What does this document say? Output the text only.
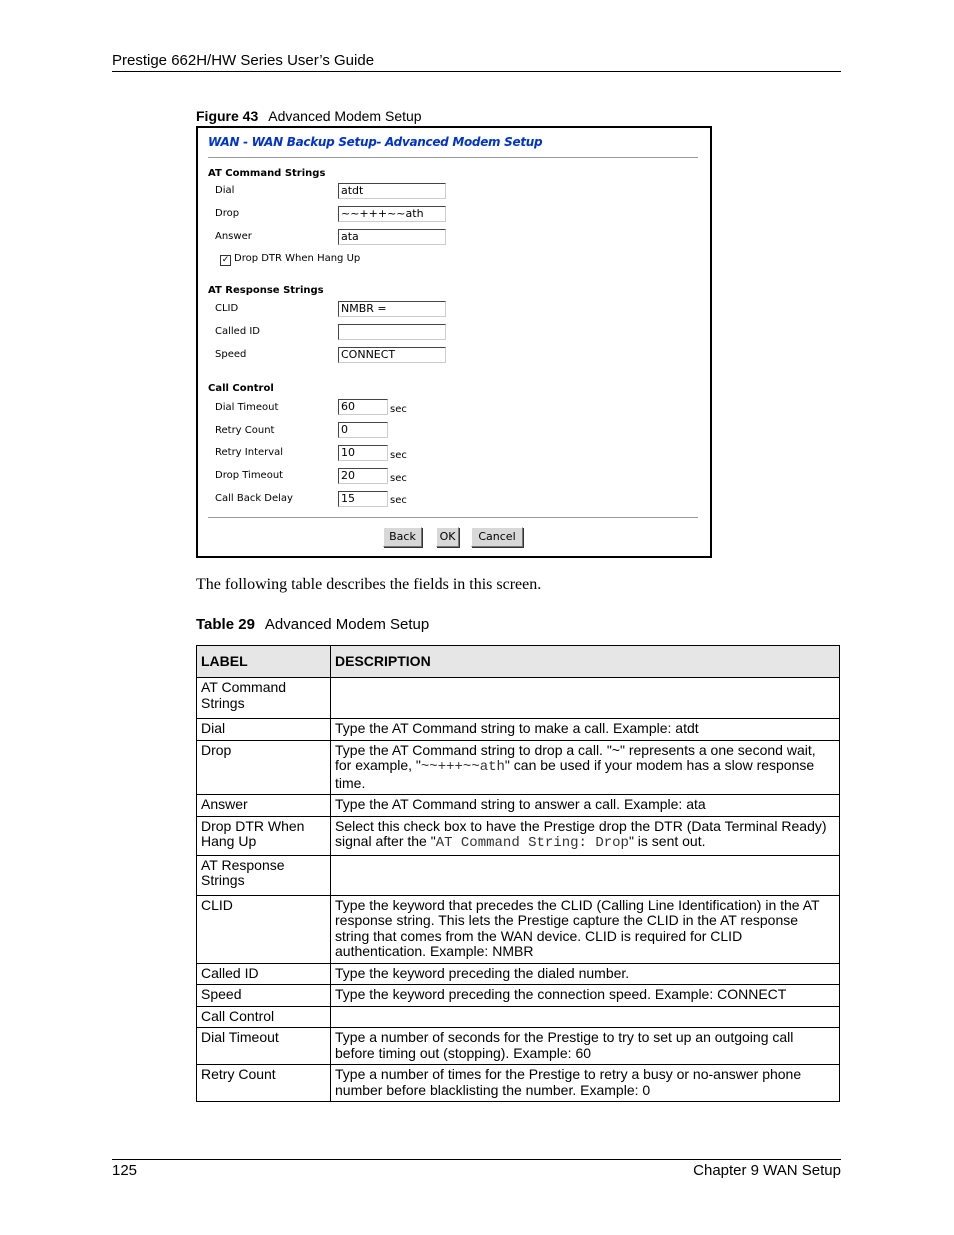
Prestige 662H/HW Series User’s Guide
Figure 43 Advanced Modem Setup
WAN - WAN Backup Setup- Advanced Modem Setup
AT Command Strings
Dial	atdt
Drop	~~+++~~ath
Answer	ata
✓ Drop DTR When Hang Up
AT Response Strings
CLID	NMBR =
Called ID
Speed	CONNECT
Call Control
Dial Timeout	60	sec
Retry Count	0
Retry Interval	10	sec
Drop Timeout	20	sec
Call Back Delay	15	sec
Back	OK	Cancel
The following table describes the fields in this screen.
Table 29 Advanced Modem Setup
LABEL	DESCRIPTION
AT Command Strings	
Dial	Type the AT Command string to make a call. Example: atdt
Drop	Type the AT Command string to drop a call. "~" represents a one second wait, for example, "~~+++~~ath" can be used if your modem has a slow response time.
Answer	Type the AT Command string to answer a call. Example: ata
Drop DTR When Hang Up	Select this check box to have the Prestige drop the DTR (Data Terminal Ready) signal after the "AT Command String: Drop" is sent out.
AT Response Strings	
CLID	Type the keyword that precedes the CLID (Calling Line Identification) in the AT response string. This lets the Prestige capture the CLID in the AT response string that comes from the WAN device. CLID is required for CLID authentication. Example: NMBR
Called ID	Type the keyword preceding the dialed number.
Speed	Type the keyword preceding the connection speed. Example: CONNECT
Call Control	
Dial Timeout	Type a number of seconds for the Prestige to try to set up an outgoing call before timing out (stopping). Example: 60
Retry Count	Type a number of times for the Prestige to retry a busy or no-answer phone number before blacklisting the number. Example: 0
125	Chapter 9 WAN Setup
